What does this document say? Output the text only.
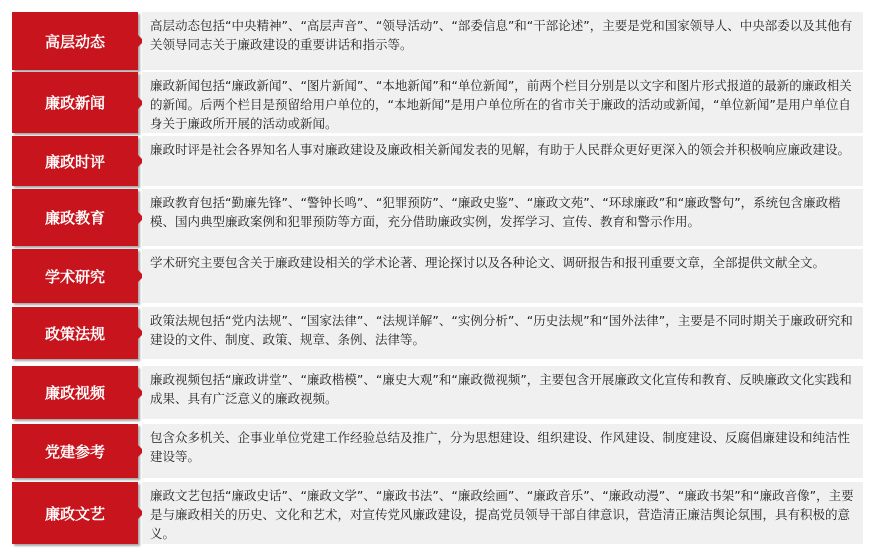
高层动态
高层动态包括“中央精神”、“高层声音”、“领导活动”、“部委信息”和“干部论述”，主要是党和国家领导人、中央部委以及其他有关领导同志关于廉政建设的重要讲话和指示等。
廉政新闻
廉政新闻包括“廉政新闻”、“图片新闻”、“本地新闻”和“单位新闻”，前两个栏目分别是以文字和图片形式报道的最新的廉政相关的新闻。后两个栏目是预留给用户单位的，“本地新闻”是用户单位所在的省市关于廉政的活动或新闻，“单位新闻”是用户单位自身关于廉政所开展的活动或新闻。
廉政时评
廉政时评是社会各界知名人事对廉政建设及廉政相关新闻发表的见解，有助于人民群众更好更深入的领会并积极响应廉政建设。
廉政教育
廉政教育包括“勤廉先锋”、“警钟长鸣”、“犯罪预防”、“廉政史鉴”、“廉政文苑”、“环球廉政”和“廉政警句”，系统包含廉政楷模、国内典型廉政案例和犯罪预防等方面，充分借助廉政实例，发挥学习、宣传、教育和警示作用。
学术研究
学术研究主要包含关于廉政建设相关的学术论著、理论探讨以及各种论文、调研报告和报刊重要文章，全部提供文献全文。
政策法规
政策法规包括“党内法规”、“国家法律”、“法规详解”、“实例分析”、“历史法规”和“国外法律”，主要是不同时期关于廉政研究和建设的文件、制度、政策、规章、条例、法律等。
廉政视频
廉政视频包括“廉政讲堂”、“廉政楷模”、“廉史大观”和“廉政微视频”，主要包含开展廉政文化宣传和教育、反映廉政文化实践和成果、具有广泛意义的廉政视频。
党建参考
包含众多机关、企事业单位党建工作经验总结及推广，分为思想建设、组织建设、作风建设、制度建设、反腐倡廉建设和纯洁性建设等。
廉政文艺
廉政文艺包括“廉政史话”、“廉政文学”、“廉政书法”、“廉政绘画”、“廉政音乐”、“廉政动漫”、“廉政书架”和“廉政音像”，主要是与廉政相关的历史、文化和艺术，对宣传党风廉政建设，提高党员领导干部自律意识，营造清正廉洁舆论氛围，具有积极的意义。
